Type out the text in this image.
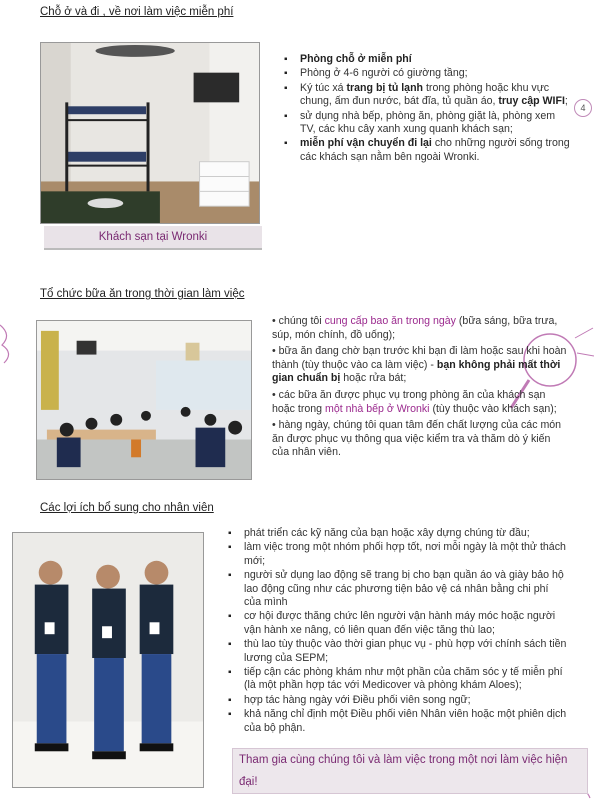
Chỗ ở và đi , về nơi làm việc miễn phí
Khách sạn tại Wronki
▪ Phòng chỗ ở miễn phí
▪ Phòng ở 4-6 người có giường tầng;
▪ Ký túc xá trang bị tủ lạnh trong phòng hoặc khu vực chung, ấm đun nước, bát đĩa, tủ quần áo, truy cập WIFI;
▪ sử dụng nhà bếp, phòng ăn, phòng giặt là, phòng xem TV, các khu cây xanh xung quanh khách sạn;
▪ miễn phí vận chuyển đi lại cho những người sống trong các khách sạn nằm bên ngoài Wronki.
4
Tổ chức bữa ăn trong thời gian làm việc

• chúng tôi cung cấp bao ăn trong ngày (bữa sáng, bữa trưa, súp, món chính, đồ uống);

• bữa ăn đang chờ bạn trước khi bạn đi làm hoặc sau khi hoàn thành (tùy thuộc vào ca làm việc) - bạn không phải mất thời gian chuẩn bị hoặc rửa bát;

• các bữa ăn được phục vụ trong phòng ăn của khách sạn hoặc trong một nhà bếp ở Wronki (tùy thuộc vào khách sạn);

• hàng ngày, chúng tôi quan tâm đến chất lượng của các món ăn được phục vụ thông qua việc kiểm tra và thăm dò ý kiến của nhân viên.

Các lợi ích bổ sung cho nhân viên
▪ phát triển các kỹ năng của bạn hoặc xây dựng chúng từ đầu;
▪ làm việc trong một nhóm phối hợp tốt, nơi mỗi ngày là một thử thách mới;
▪ người sử dụng lao động sẽ trang bị cho bạn quần áo và giày bảo hộ lao động cũng như các phương tiện bảo vệ cá nhân bằng chi phí của mình
▪ cơ hội được thăng chức lên người vận hành máy móc hoặc người vận hành xe nâng, có liên quan đến việc tăng thù lao;
▪ thù lao tùy thuộc vào thời gian phục vụ - phù hợp với chính sách tiền lương của SEPM;
▪ tiếp cận các phòng khám như một phần của chăm sóc y tế miễn phí (là một phần hợp tác với Medicover và phòng khám Aloes);
▪ hợp tác hàng ngày với Điều phối viên song ngữ;
▪ khả năng chỉ định một Điều phối viên Nhân viên hoặc một phiên dịch của bộ phận.
Tham gia cùng chúng tôi và làm việc trong một nơi làm việc hiện đại!
